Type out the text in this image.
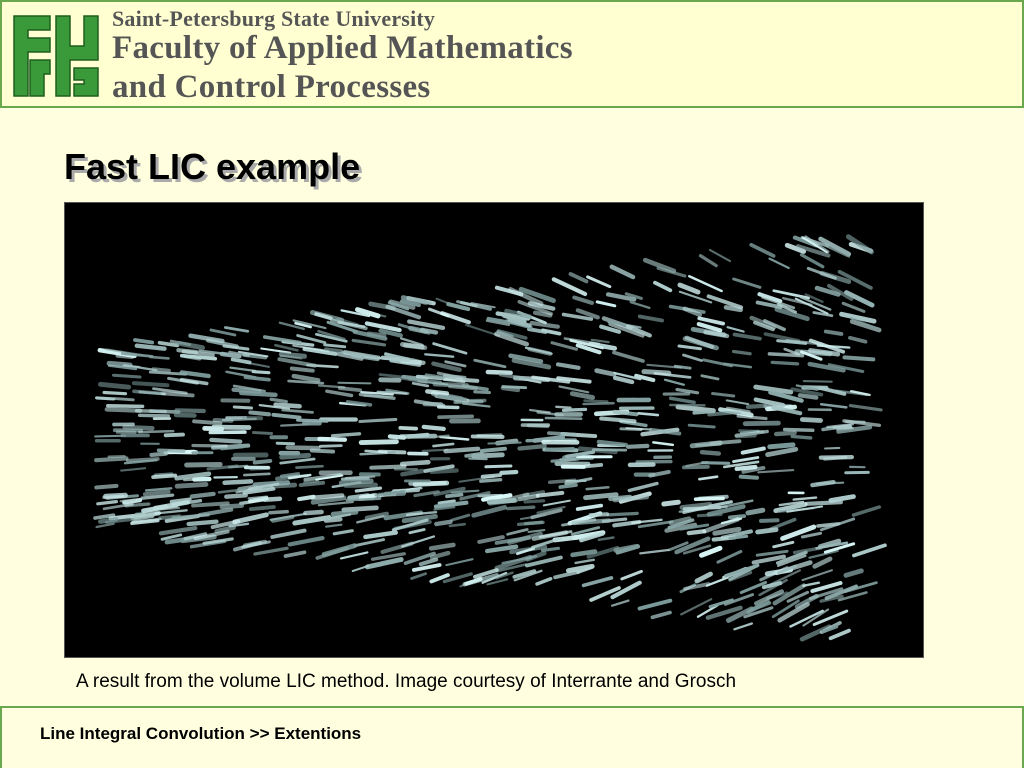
Saint-Petersburg State University
Faculty of Applied Mathematics
and Control Processes
Fast LIC example
A result from the volume LIC method. Image courtesy of Interrante and Grosch
Line Integral Convolution >> Extentions
